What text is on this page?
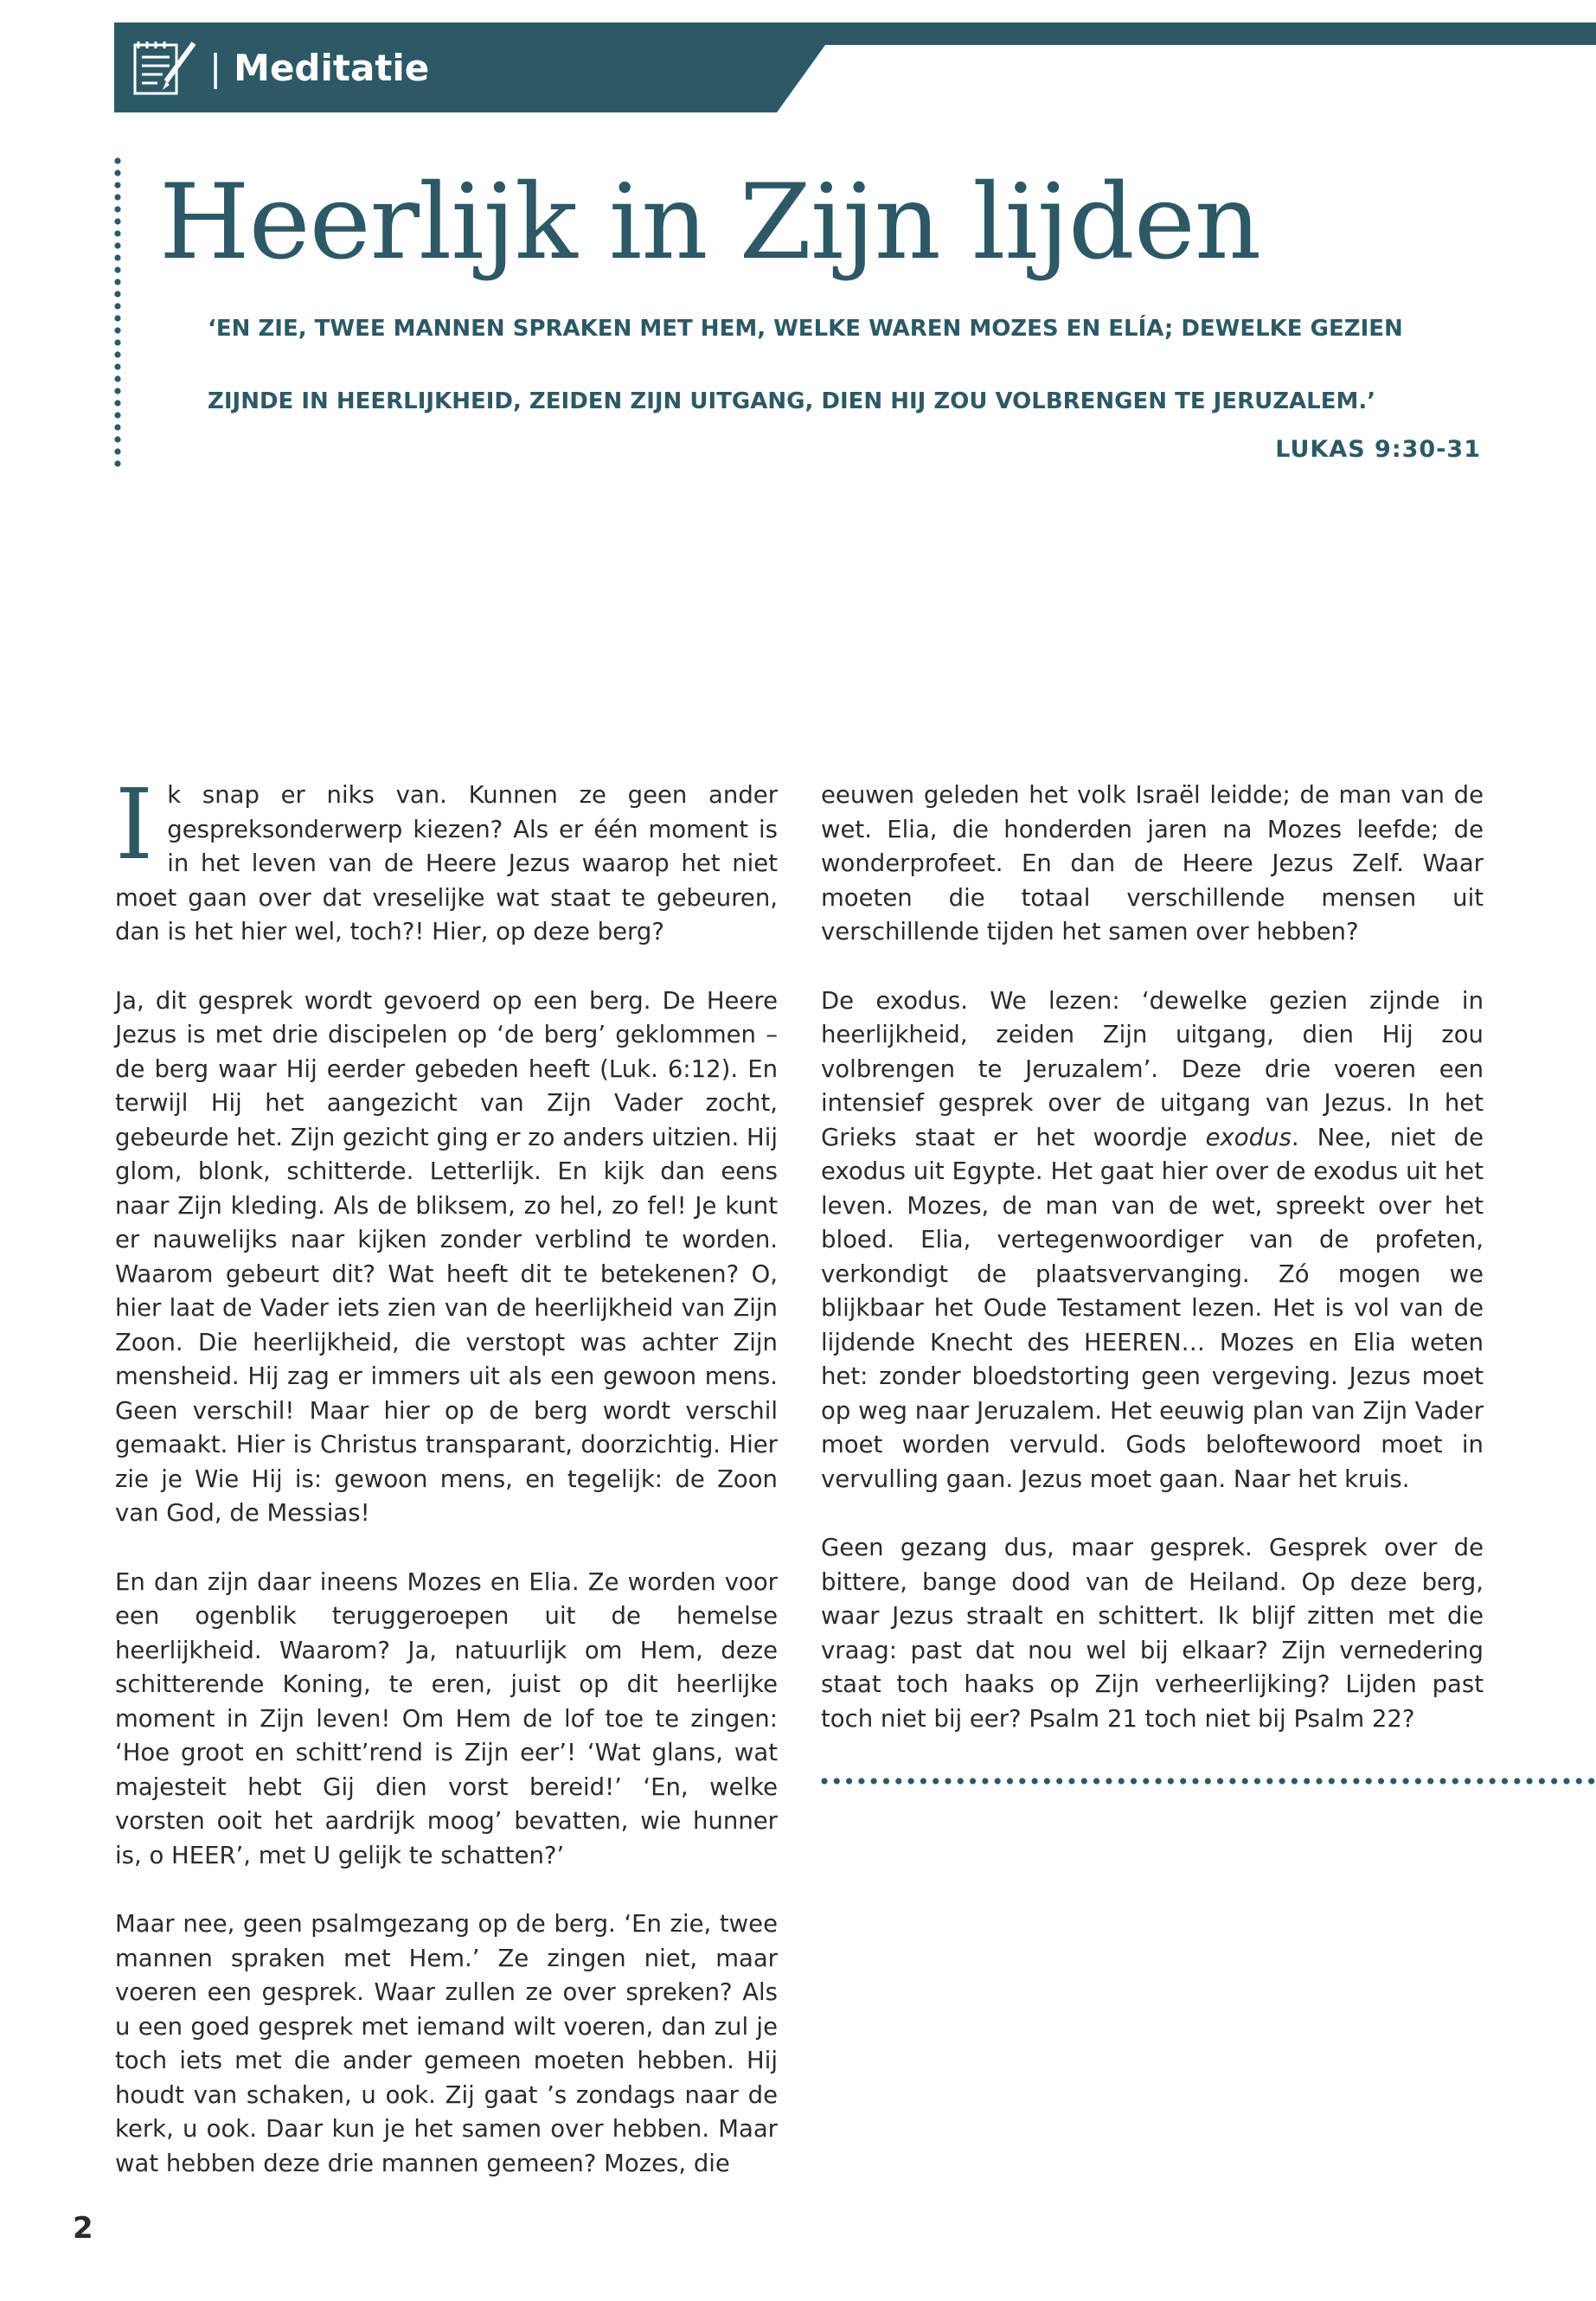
| Meditatie
Heerlijk in Zijn lijden

‘EN ZIE, TWEE MANNEN SPRAKEN MET HEM, WELKE WAREN MOZES EN ELÍA; DEWELKE GEZIEN ZIJNDE IN HEERLIJKHEID, ZEIDEN ZIJN UITGANG, DIEN HIJ ZOU VOLBRENGEN TE JERUZALEM.’

LUKAS 9:30-31

Ik snap er niks van. Kunnen ze geen ander gespreksonderwerp kiezen? Als er één moment is in het leven van de Heere Jezus waarop het niet moet gaan over dat vreselijke wat staat te gebeuren, dan is het hier wel, toch?! Hier, op deze berg?

Ja, dit gesprek wordt gevoerd op een berg. De Heere Jezus is met drie discipelen op ‘de berg’ geklommen – de berg waar Hij eerder gebeden heeft (Luk. 6:12). En terwijl Hij het aangezicht van Zijn Vader zocht, gebeurde het. Zijn gezicht ging er zo anders uitzien. Hij glom, blonk, schitterde. Letterlijk. En kijk dan eens naar Zijn kleding. Als de bliksem, zo hel, zo fel! Je kunt er nauwelijks naar kijken zonder verblind te worden. Waarom gebeurt dit? Wat heeft dit te betekenen? O, hier laat de Vader iets zien van de heerlijkheid van Zijn Zoon. Die heerlijkheid, die verstopt was achter Zijn mensheid. Hij zag er immers uit als een gewoon mens. Geen verschil! Maar hier op de berg wordt verschil gemaakt. Hier is Christus transparant, doorzichtig. Hier zie je Wie Hij is: gewoon mens, en tegelijk: de Zoon van God, de Messias!

En dan zijn daar ineens Mozes en Elia. Ze worden voor een ogenblik teruggeroepen uit de hemelse heerlijkheid. Waarom? Ja, natuurlijk om Hem, deze schitterende Koning, te eren, juist op dit heerlijke moment in Zijn leven! Om Hem de lof toe te zingen: ‘Hoe groot en schitt’rend is Zijn eer’! ‘Wat glans, wat majesteit hebt Gij dien vorst bereid!’ ‘En, welke vorsten ooit het aardrijk moog’ bevatten, wie hunner is, o HEER’, met U gelijk te schatten?’

Maar nee, geen psalmgezang op de berg. ‘En zie, twee mannen spraken met Hem.’ Ze zingen niet, maar voeren een gesprek. Waar zullen ze over spreken? Als u een goed gesprek met iemand wilt voeren, dan zul je toch iets met die ander gemeen moeten hebben. Hij houdt van schaken, u ook. Zij gaat ’s zondags naar de kerk, u ook. Daar kun je het samen over hebben. Maar wat hebben deze drie mannen gemeen? Mozes, die

eeuwen geleden het volk Israël leidde; de man van de wet. Elia, die honderden jaren na Mozes leefde; de wonderprofeet. En dan de Heere Jezus Zelf. Waar moeten die totaal verschillende mensen uit verschillende tijden het samen over hebben?

De exodus. We lezen: ‘dewelke gezien zijnde in heerlijkheid, zeiden Zijn uitgang, dien Hij zou volbrengen te Jeruzalem’. Deze drie voeren een intensief gesprek over de uitgang van Jezus. In het Grieks staat er het woordje exodus. Nee, niet de exodus uit Egypte. Het gaat hier over de exodus uit het leven. Mozes, de man van de wet, spreekt over het bloed. Elia, vertegenwoordiger van de profeten, verkondigt de plaatsvervanging. Zó mogen we blijkbaar het Oude Testament lezen. Het is vol van de lijdende Knecht des HEEREN… Mozes en Elia weten het: zonder bloedstorting geen vergeving. Jezus moet op weg naar Jeruzalem. Het eeuwig plan van Zijn Vader moet worden vervuld. Gods beloftewoord moet in vervulling gaan. Jezus moet gaan. Naar het kruis.

Geen gezang dus, maar gesprek. Gesprek over de bittere, bange dood van de Heiland. Op deze berg, waar Jezus straalt en schittert. Ik blijf zitten met die vraag: past dat nou wel bij elkaar? Zijn vernedering staat toch haaks op Zijn verheerlijking? Lijden past toch niet bij eer? Psalm 21 toch niet bij Psalm 22?

2
